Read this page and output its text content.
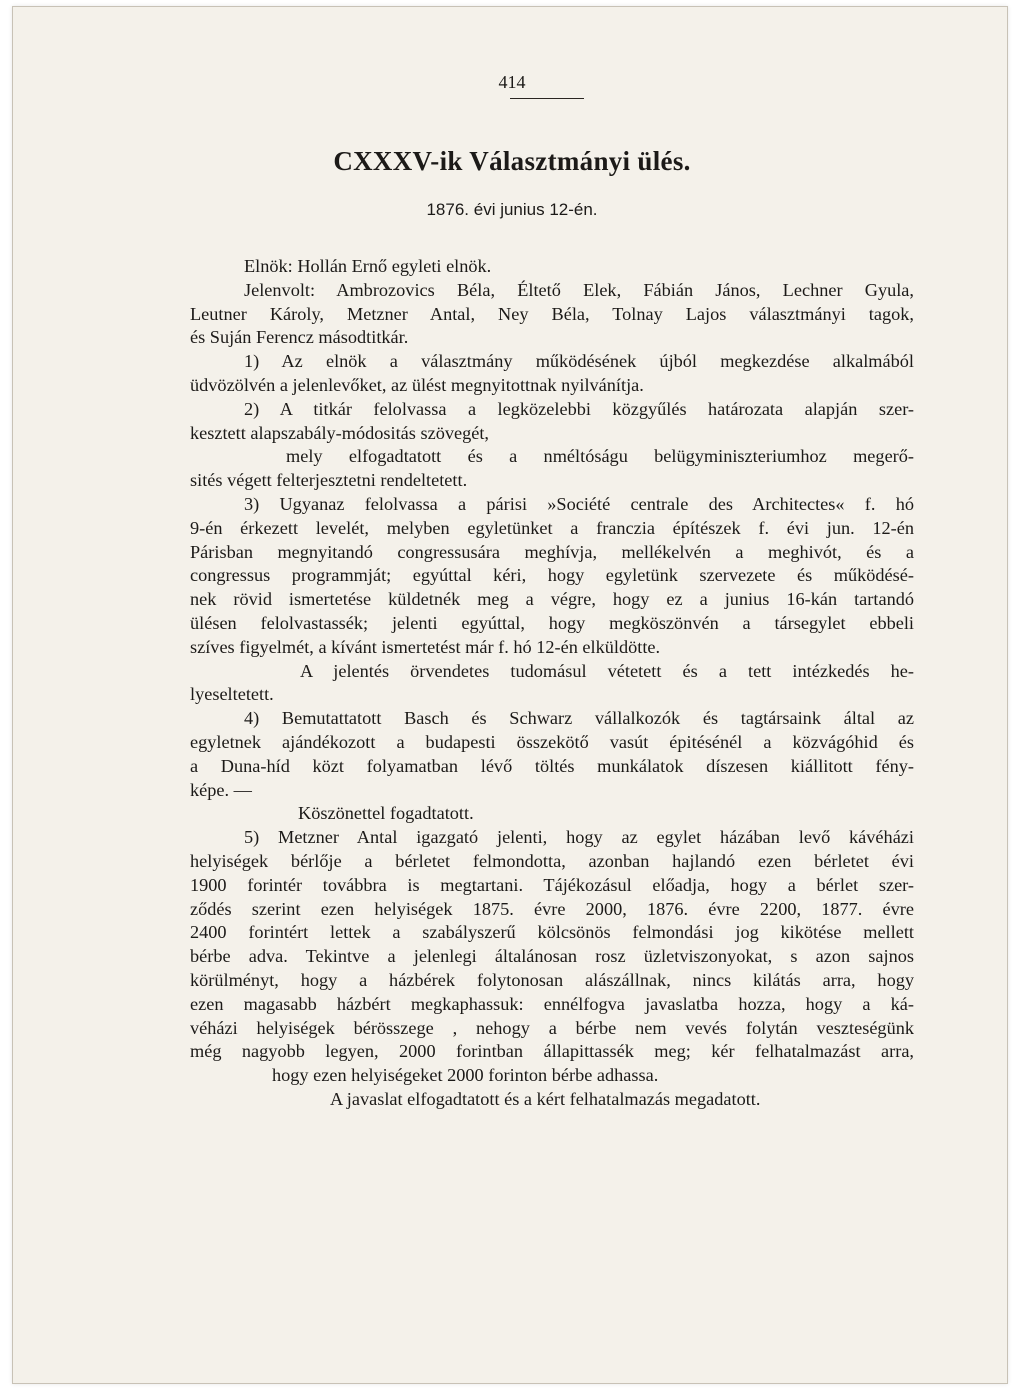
414
CXXXV-ik Választmányi ülés.
1876. évi junius 12-én.
Elnök: Hollán Ernő egyleti elnök.
Jelenvolt: Ambrozovics Béla, Éltető Elek, Fábián János, Lechner Gyula,
Leutner Károly, Metzner Antal, Ney Béla, Tolnay Lajos választmányi tagok,
és Suján Ferencz másodtitkár.
1) Az elnök a választmány működésének újból megkezdése alkalmából
üdvözölvén a jelenlevőket, az ülést megnyitottnak nyilvánítja.
2) A titkár felolvassa a legközelebbi közgyűlés határozata alapján szer-
kesztett alapszabály-módositás szövegét,
mely elfogadtatott és a nméltóságu belügyminiszteriumhoz megerő-
sités végett felterjesztetni rendeltetett.
3) Ugyanaz felolvassa a párisi »Société centrale des Architectes« f. hó
9-én érkezett levelét, melyben egyletünket a franczia építészek f. évi jun. 12-én
Párisban megnyitandó congressusára meghívja, mellékelvén a meghivót, és a
congressus programmját; egyúttal kéri, hogy egyletünk szervezete és működésé-
nek rövid ismertetése küldetnék meg a végre, hogy ez a junius 16-kán tartandó
ülésen felolvastassék; jelenti egyúttal, hogy megköszönvén a társegylet ebbeli
szíves figyelmét, a kívánt ismertetést már f. hó 12-én elküldötte.
A jelentés örvendetes tudomásul vétetett és a tett intézkedés he-
lyeseltetett.
4) Bemutattatott Basch és Schwarz vállalkozók és tagtársaink által az
egyletnek ajándékozott a budapesti összekötő vasút épitésénél a közvágóhid és
a Duna-híd közt folyamatban lévő töltés munkálatok díszesen kiállitott fény-
képe. —
Köszönettel fogadtatott.
5) Metzner Antal igazgató jelenti, hogy az egylet házában levő kávéházi
helyiségek bérlője a bérletet felmondotta, azonban hajlandó ezen bérletet évi
1900 forintér továbbra is megtartani. Tájékozásul előadja, hogy a bérlet szer-
ződés szerint ezen helyiségek 1875. évre 2000, 1876. évre 2200, 1877. évre
2400 forintért lettek a szabályszerű kölcsönös felmondási jog kikötése mellett
bérbe adva. Tekintve a jelenlegi általánosan rosz üzletviszonyokat, s azon sajnos
körülményt, hogy a házbérek folytonosan alászállnak, nincs kilátás arra, hogy
ezen magasabb házbért megkaphassuk: ennélfogva javaslatba hozza, hogy a ká-
véházi helyiségek bérösszege , nehogy a bérbe nem vevés folytán veszteségünk
még nagyobb legyen, 2000 forintban állapittassék meg; kér felhatalmazást arra,
hogy ezen helyiségeket 2000 forinton bérbe adhassa.
A javaslat elfogadtatott és a kért felhatalmazás megadatott.
